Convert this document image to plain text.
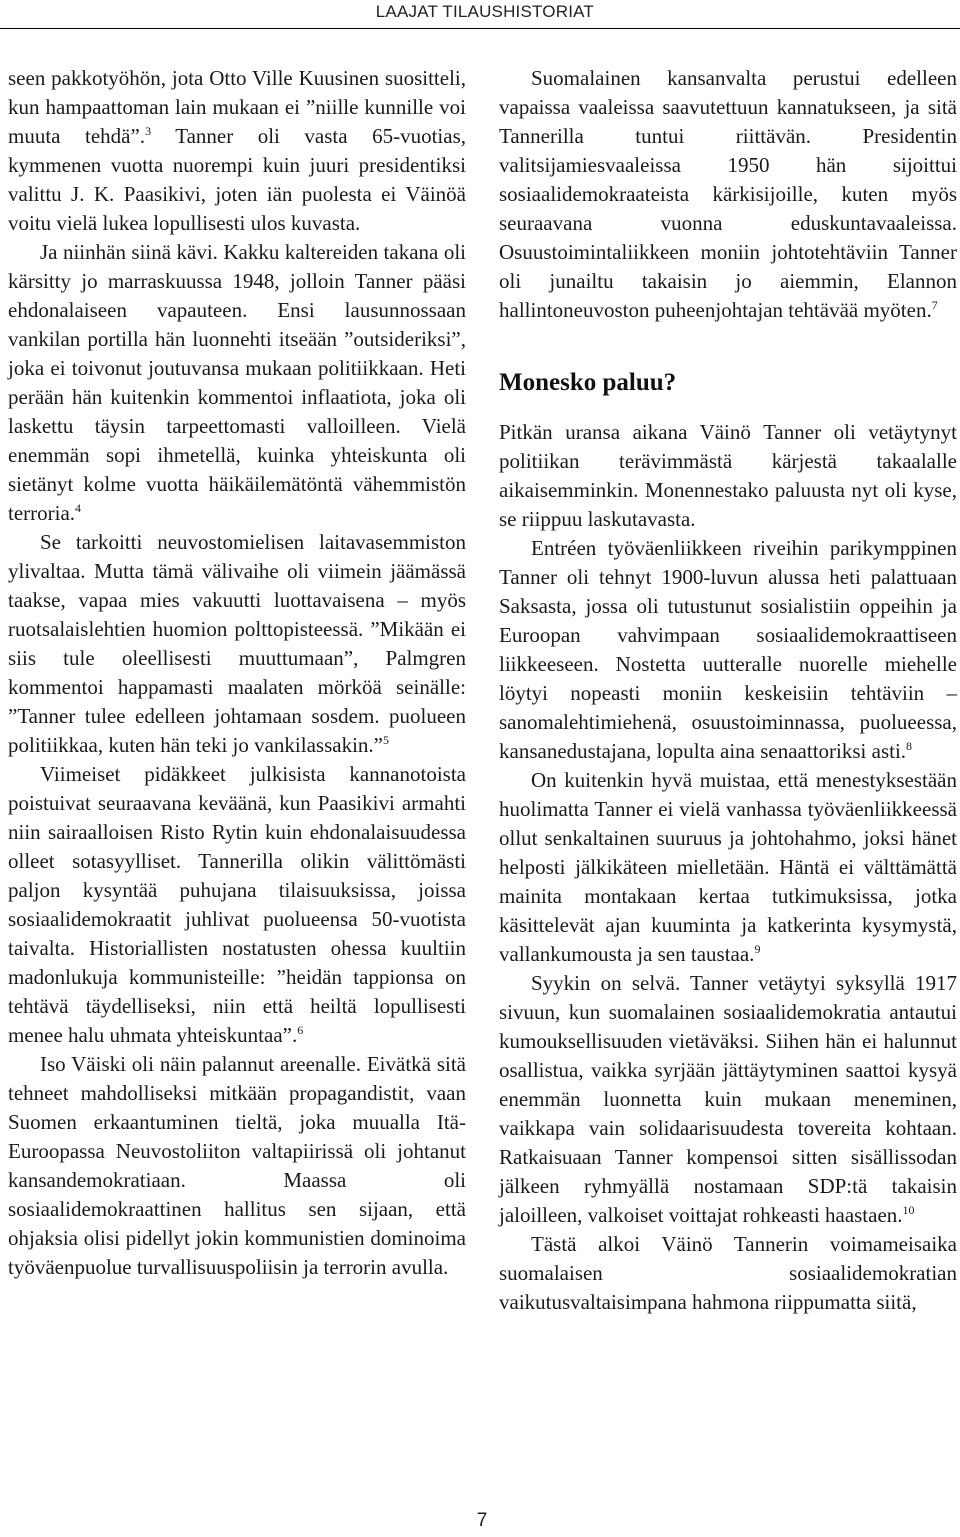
LAAJAT TILAUSHISTORIAT

seen pakkotyöhön, jota Otto Ville Kuusinen suositteli, kun hampaattoman lain mukaan ei ”niille kunnille voi muuta tehdä”.$^3$ Tanner oli vasta 65-vuotias, kymmenen vuotta nuorempi kuin juuri presidentiksi valittu J. K. Paasikivi, joten iän puolesta ei Väinöä voitu vielä lukea lopullisesti ulos kuvasta.

Ja niinhän siinä kävi. Kakku kaltereiden takana oli kärsitty jo marraskuussa 1948, jolloin Tanner pääsi ehdonalaiseen vapauteen. Ensi lausunnossaan vankilan portilla hän luonnehti itseään ”outsideriksi”, joka ei toivonut joutuvansa mukaan politiikkaan. Heti perään hän kuitenkin kommentoi inflaatiota, joka oli laskettu täysin tarpeettomasti valloilleen. Vielä enemmän sopi ihmetellä, kuinka yhteiskunta oli sietänyt kolme vuotta häikäilemätöntä vähemmistön terroria.$^4$

Se tarkoitti neuvostomielisen laitavasemmiston ylivaltaa. Mutta tämä välivaihe oli viimein jäämässä taakse, vapaa mies vakuutti luottavaisena – myös ruotsalaislehtien huomion polttopisteessä. ”Mikään ei siis tule oleellisesti muuttumaan”, Palmgren kommentoi happamasti maalaten mörköä seinälle: ”Tanner tulee edelleen johtamaan sosdem. puolueen politiikkaa, kuten hän teki jo vankilassakin.”$^5$

Viimeiset pidäkkeet julkisista kannanotoista poistuivat seuraavana keväänä, kun Paasikivi armahti niin sairaalloisen Risto Rytin kuin ehdonalaisuudessa olleet sotasyylliset. Tannerilla olikin välittömästi paljon kysyntää puhujana tilaisuuksissa, joissa sosiaalidemokraatit juhlivat puolueensa 50-vuotista taivalta. Historiallisten nostatusten ohessa kuultiin madonlukuja kommunisteille: ”heidän tappionsa on tehtävä täydelliseksi, niin että heiltä lopullisesti menee halu uhmata yhteiskuntaa”.$^6$

Iso Väiski oli näin palannut areenalle. Eivätkä sitä tehneet mahdolliseksi mitkään propagandistit, vaan Suomen erkaantuminen tieltä, joka muualla Itä-Euroopassa Neuvostoliiton valtapiirissä oli johtanut kansandemokratiaan. Maassa oli sosiaalidemokraattinen hallitus sen sijaan, että ohjaksia olisi pidellyt jokin kommunistien dominoima työväenpuolue turvallisuuspoliisin ja terrorin avulla.

Suomalainen kansanvalta perustui edelleen vapaissa vaaleissa saavutettuun kannatukseen, ja sitä Tannerilla tuntui riittävän. Presidentin valitsijamiesvaaleissa 1950 hän sijoittui sosiaalidemokraateista kärkisijoille, kuten myös seuraavana vuonna eduskuntavaaleissa. Osuustoimintaliikkeen moniin johtotehtäviin Tanner oli junailtu takaisin jo aiemmin, Elannon hallintoneuvoston puheenjohtajan tehtävää myöten.$^7$

Monesko paluu?

Pitkän uransa aikana Väinö Tanner oli vetäytynyt politiikan terävimmästä kärjestä takaalalle aikaisemminkin. Monennestako paluusta nyt oli kyse, se riippuu laskutavasta.

Entréen työväenliikkeen riveihin parikymppinen Tanner oli tehnyt 1900-luvun alussa heti palattuaan Saksasta, jossa oli tutustunut sosialistiin oppeihin ja Euroopan vahvimpaan sosiaalidemokraattiseen liikkeeseen. Nostetta uutteralle nuorelle miehelle löytyi nopeasti moniin keskeisiin tehtäviin – sanomalehtimiehenä, osuustoiminnassa, puolueessa, kansanedustajana, lopulta aina senaattoriksi asti.$^8$

On kuitenkin hyvä muistaa, että menestyksestään huolimatta Tanner ei vielä vanhassa työväenliikkeessä ollut senkaltainen suuruus ja johtohahmo, joksi hänet helposti jälkikäteen mielletään. Häntä ei välttämättä mainita montakaan kertaa tutkimuksissa, jotka käsittelevät ajan kuuminta ja katkerinta kysymystä, vallankumousta ja sen taustaa.$^9$

Syykin on selvä. Tanner vetäytyi syksyllä 1917 sivuun, kun suomalainen sosiaalidemokratia antautui kumouksellisuuden vietäväksi. Siihen hän ei halunnut osallistua, vaikka syrjään jättäytyminen saattoi kysyä enemmän luonnetta kuin mukaan meneminen, vaikkapa vain solidaarisuudesta tovereita kohtaan. Ratkaisuaan Tanner kompensoi sitten sisällissodan jälkeen ryhmyällä nostamaan SDP:tä takaisin jaloilleen, valkoiset voittajat rohkeasti haastaen.$^{10}$

Tästä alkoi Väinö Tannerin voimameisaika suomalaisen sosiaalidemokratian vaikutusvaltaisimpana hahmona riippumatta siitä,

7
